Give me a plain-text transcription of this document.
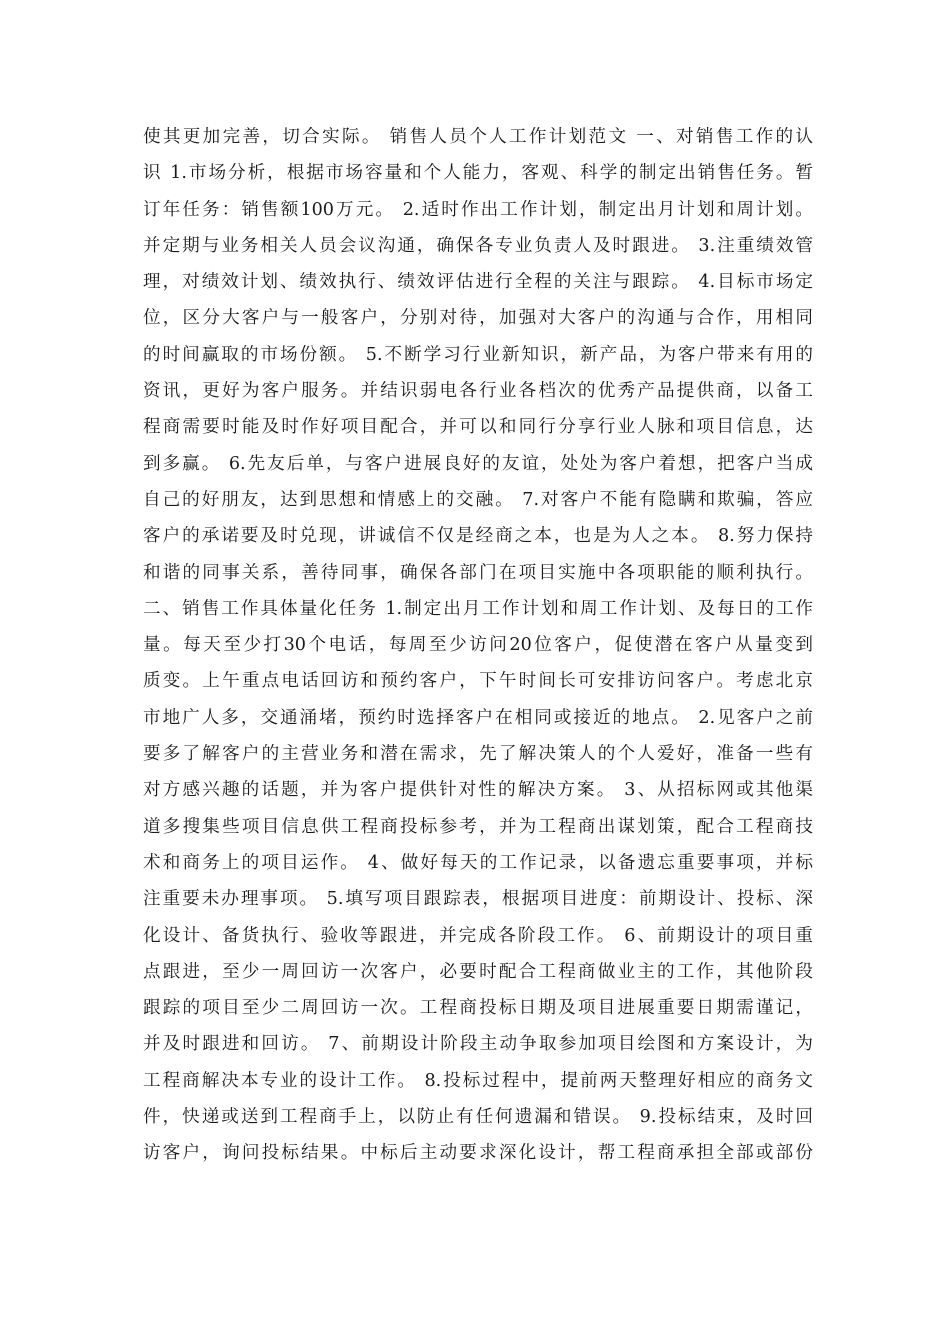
使其更加完善，切合实际。 销售人员个人工作计划范文 一、对销售工作的认
识 1.市场分析，根据市场容量和个人能力，客观、科学的制定出销售任务。暂
订年任务：销售额100万元。 2.适时作出工作计划，制定出月计划和周计划。
并定期与业务相关人员会议沟通，确保各专业负责人及时跟进。 3.注重绩效管
理，对绩效计划、绩效执行、绩效评估进行全程的关注与跟踪。 4.目标市场定
位，区分大客户与一般客户，分别对待，加强对大客户的沟通与合作，用相同
的时间赢取的市场份额。 5.不断学习行业新知识，新产品，为客户带来有用的
资讯，更好为客户服务。并结识弱电各行业各档次的优秀产品提供商，以备工
程商需要时能及时作好项目配合，并可以和同行分享行业人脉和项目信息，达
到多赢。 6.先友后单，与客户进展良好的友谊，处处为客户着想，把客户当成
自己的好朋友，达到思想和情感上的交融。 7.对客户不能有隐瞒和欺骗，答应
客户的承诺要及时兑现，讲诚信不仅是经商之本，也是为人之本。 8.努力保持
和谐的同事关系，善待同事，确保各部门在项目实施中各项职能的顺利执行。
二、销售工作具体量化任务 1.制定出月工作计划和周工作计划、及每日的工作
量。每天至少打30个电话，每周至少访问20位客户，促使潜在客户从量变到
质变。上午重点电话回访和预约客户，下午时间长可安排访问客户。考虑北京
市地广人多，交通涌堵，预约时选择客户在相同或接近的地点。 2.见客户之前
要多了解客户的主营业务和潜在需求，先了解决策人的个人爱好，准备一些有
对方感兴趣的话题，并为客户提供针对性的解决方案。 3、从招标网或其他渠
道多搜集些项目信息供工程商投标参考，并为工程商出谋划策，配合工程商技
术和商务上的项目运作。 4、做好每天的工作记录，以备遗忘重要事项，并标
注重要未办理事项。 5.填写项目跟踪表，根据项目进度：前期设计、投标、深
化设计、备货执行、验收等跟进，并完成各阶段工作。 6、前期设计的项目重
点跟进，至少一周回访一次客户，必要时配合工程商做业主的工作，其他阶段
跟踪的项目至少二周回访一次。工程商投标日期及项目进展重要日期需谨记，
并及时跟进和回访。 7、前期设计阶段主动争取参加项目绘图和方案设计，为
工程商解决本专业的设计工作。 8.投标过程中，提前两天整理好相应的商务文
件，快递或送到工程商手上，以防止有任何遗漏和错误。 9.投标结束，及时回
访客户，询问投标结果。中标后主动要求深化设计，帮工程商承担全部或部份
